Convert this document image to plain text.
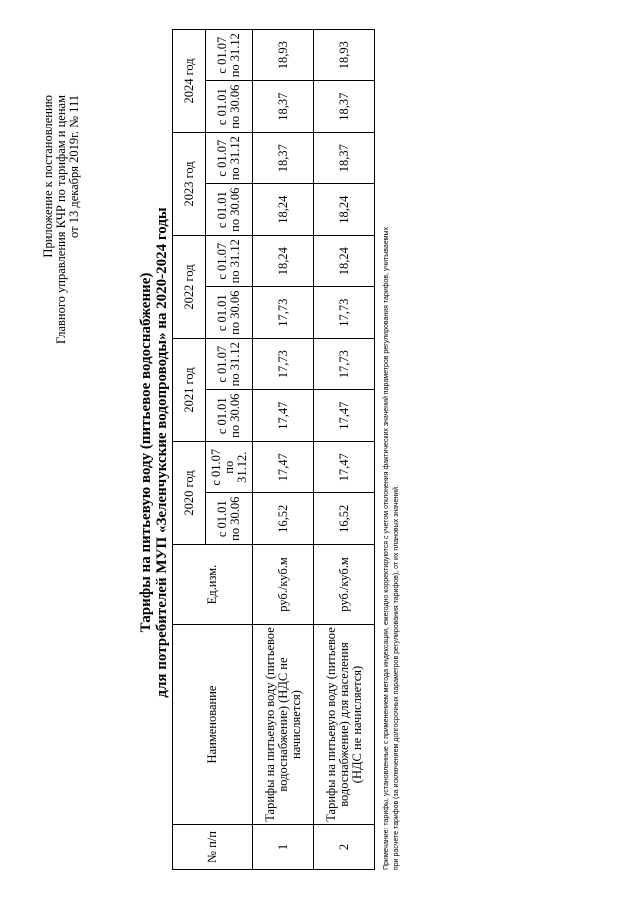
Приложение к постановлению Главного управления КЧР по тарифам и ценам от 13 декабря 2019г. № 111
Тарифы на питьевую воду (питьевое водоснабжение) для потребителей МУП «Зеленчукские водопроводы» на 2020-2024 годы
№ п/п	Наименование	Ед.изм.	2020 год		2021 год		2022 год		2023 год		2024 год	
			с 01.01 по 30.06	с 01.07 по 31.12.	с 01.01 по 30.06	с 01.07 по 31.12	с 01.01 по 30.06	с 01.07 по 31.12	с 01.01 по 30.06	с 01.07 по 31.12	с 01.01 по 30.06	с 01.07 по 31.12
1	Тарифы на питьевую воду (питьевое водоснабжение) (НДС не начисляется)	руб./куб.м	16,52	17,47	17,47	17,73	17,73	18,24	18,24	18,37	18,37	18,93
2	Тарифы на питьевую воду (питьевое водоснабжение) для населения (НДС не начисляется)	руб./куб.м	16,52	17,47	17,47	17,73	17,73	18,24	18,24	18,37	18,37	18,93
Примечание: тарифы, установленные с применением метода индексации, ежегодно корректируются с учетом отклонения фактических значений параметров регулирования тарифов, учитываемых при расчете тарифов (за исключением долгосрочных параметров регулирования тарифов), от их плановых значений.
